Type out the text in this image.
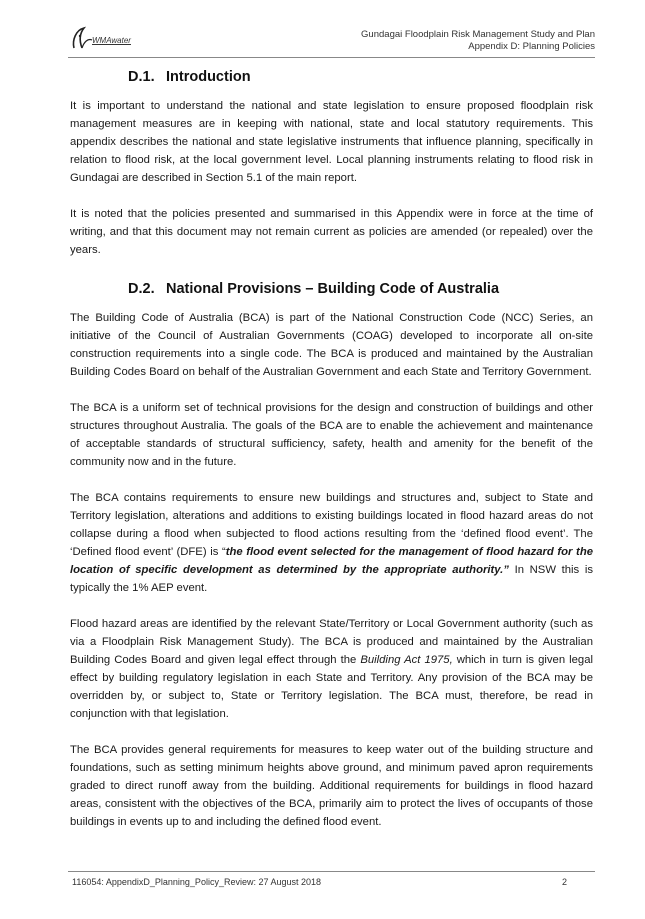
WMAwater
Gundagai Floodplain Risk Management Study and Plan
Appendix D: Planning Policies
D.1. Introduction

It is important to understand the national and state legislation to ensure proposed floodplain risk management measures are in keeping with national, state and local statutory requirements. This appendix describes the national and state legislative instruments that influence planning, specifically in relation to flood risk, at the local government level. Local planning instruments relating to flood risk in Gundagai are described in Section 5.1 of the main report.

It is noted that the policies presented and summarised in this Appendix were in force at the time of writing, and that this document may not remain current as policies are amended (or repealed) over the years.

D.2. National Provisions – Building Code of Australia

The Building Code of Australia (BCA) is part of the National Construction Code (NCC) Series, an initiative of the Council of Australian Governments (COAG) developed to incorporate all on-site construction requirements into a single code. The BCA is produced and maintained by the Australian Building Codes Board on behalf of the Australian Government and each State and Territory Government.

The BCA is a uniform set of technical provisions for the design and construction of buildings and other structures throughout Australia. The goals of the BCA are to enable the achievement and maintenance of acceptable standards of structural sufficiency, safety, health and amenity for the benefit of the community now and in the future.

The BCA contains requirements to ensure new buildings and structures and, subject to State and Territory legislation, alterations and additions to existing buildings located in flood hazard areas do not collapse during a flood when subjected to flood actions resulting from the ‘defined flood event’. The ‘Defined flood event’ (DFE) is “the flood event selected for the management of flood hazard for the location of specific development as determined by the appropriate authority.” In NSW this is typically the 1% AEP event.

Flood hazard areas are identified by the relevant State/Territory or Local Government authority (such as via a Floodplain Risk Management Study). The BCA is produced and maintained by the Australian Building Codes Board and given legal effect through the Building Act 1975, which in turn is given legal effect by building regulatory legislation in each State and Territory. Any provision of the BCA may be overridden by, or subject to, State or Territory legislation. The BCA must, therefore, be read in conjunction with that legislation.

The BCA provides general requirements for measures to keep water out of the building structure and foundations, such as setting minimum heights above ground, and minimum paved apron requirements graded to direct runoff away from the building. Additional requirements for buildings in flood hazard areas, consistent with the objectives of the BCA, primarily aim to protect the lives of occupants of those buildings in events up to and including the defined flood event.

116054: AppendixD_Planning_Policy_Review: 27 August 2018	2
